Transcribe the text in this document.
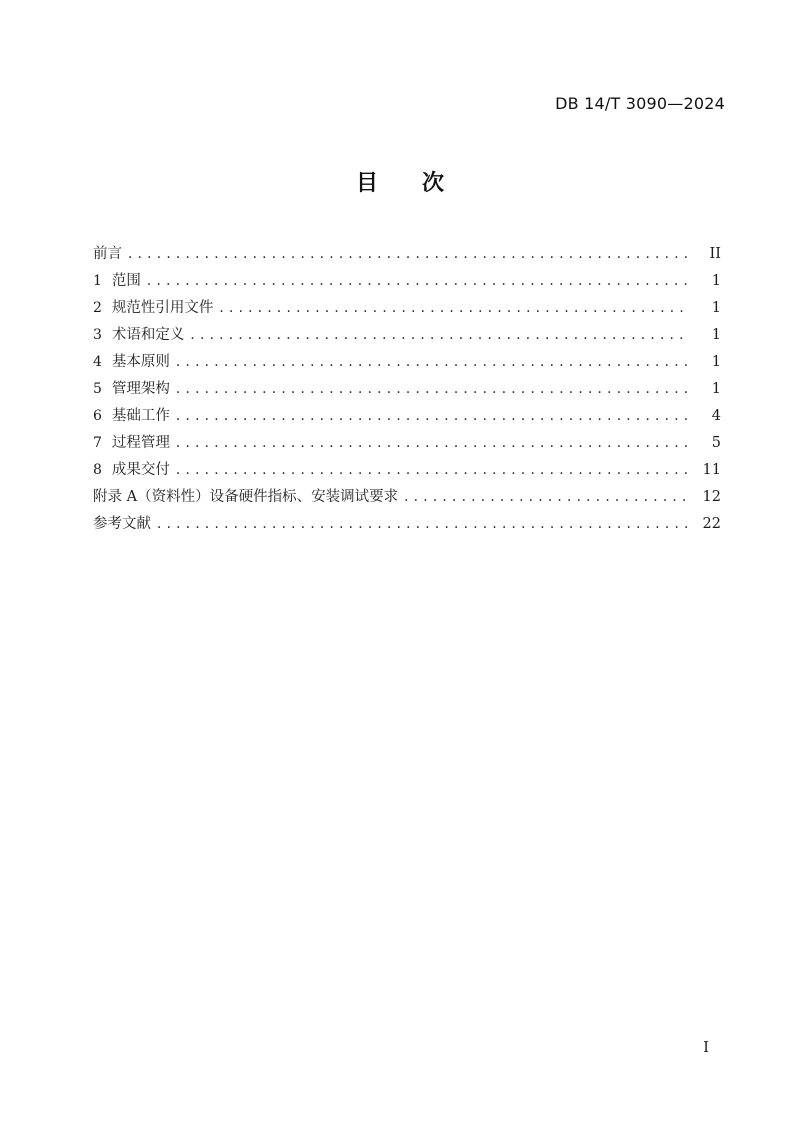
DB 14/T 3090—2024
目　　次
前言 . . .	II
1 范围 . . .	1
2 规范性引用文件 . . .	1
3 术语和定义 . . .	1
4 基本原则 . . .	1
5 管理架构 . . .	1
6 基础工作 . . .	4
7 过程管理 . . .	5
8 成果交付 . . .	11
附录 A（资料性）设备硬件指标、安装调试要求 . . .	12
参考文献 . . .	22
I
